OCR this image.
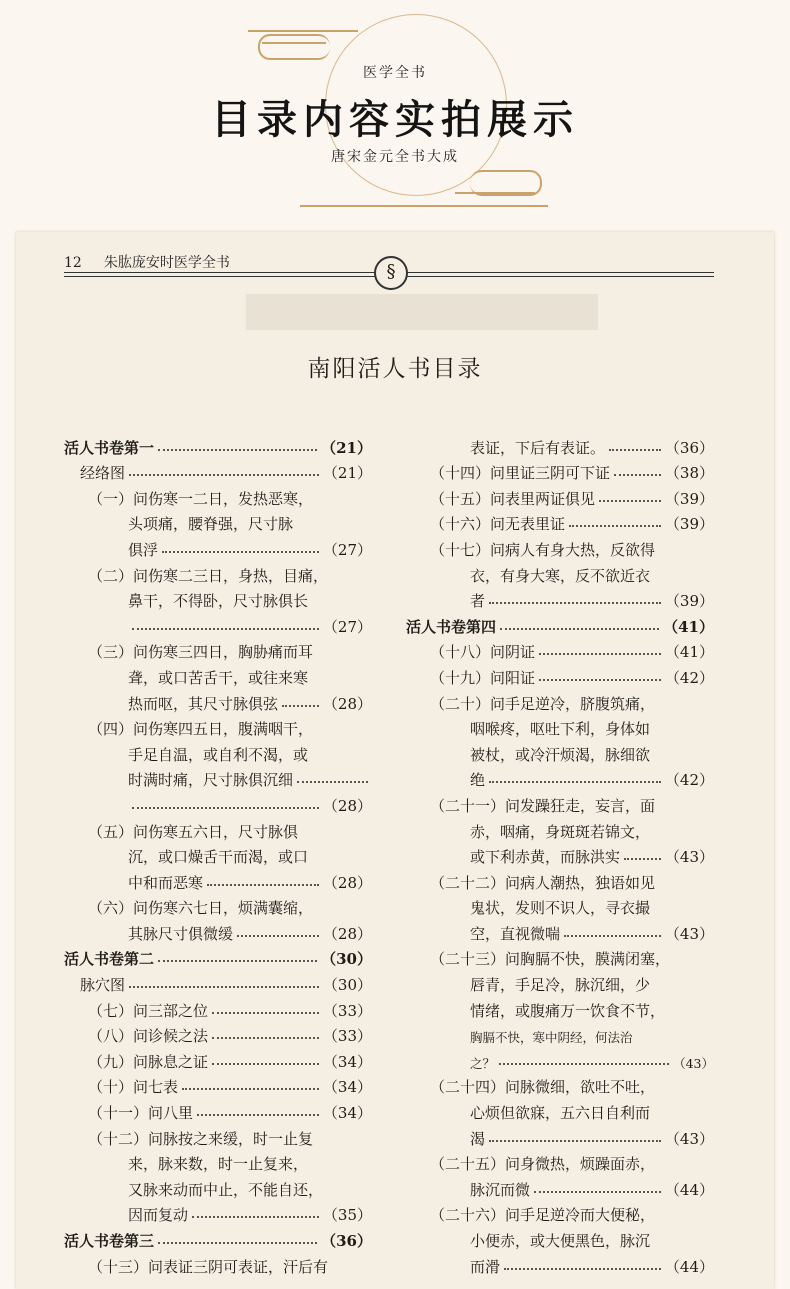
医学全书
目录内容实拍展示
唐宋金元全书大成
12 朱肱庞安时医学全书	§
南阳活人书目录
活人书卷第一	（21）
经络图	（21）
（一）问伤寒一二日，发热恶寒，
头项痛，腰脊强，尺寸脉
俱浮	（27）
（二）问伤寒二三日，身热，目痛，
鼻干，不得卧，尺寸脉俱长
（27）
（三）问伤寒三四日，胸胁痛而耳
聋，或口苦舌干，或往来寒
热而呕，其尺寸脉俱弦	（28）
（四）问伤寒四五日，腹满咽干，
手足自温，或自利不渴，或
时满时痛，尺寸脉俱沉细
（28）
（五）问伤寒五六日，尺寸脉俱
沉，或口燥舌干而渴，或口
中和而恶寒	（28）
（六）问伤寒六七日，烦满囊缩，
其脉尺寸俱微缓	（28）
活人书卷第二	（30）
脉穴图	（30）
（七）问三部之位	（33）
（八）问诊候之法	（33）
（九）问脉息之证	（34）
（十）问七表	（34）
（十一）问八里	（34）
（十二）问脉按之来缓，时一止复
来，脉来数，时一止复来，
又脉来动而中止，不能自还，
因而复动	（35）
活人书卷第三	（36）
（十三）问表证三阴可表证，汗后有
表证，下后有表证。	（36）
（十四）问里证三阴可下证	（38）
（十五）问表里两证俱见	（39）
（十六）问无表里证	（39）
（十七）问病人有身大热，反欲得
衣，有身大寒，反不欲近衣
者	（39）
活人书卷第四	（41）
（十八）问阴证	（41）
（十九）问阳证	（42）
（二十）问手足逆冷，脐腹筑痛，
咽喉疼，呕吐下利，身体如
被杖，或冷汗烦渴，脉细欲
绝	（42）
（二十一）问发躁狂走，妄言，面
赤，咽痛，身斑斑若锦文，
或下利赤黄，而脉洪实	（43）
（二十二）问病人潮热，独语如见
鬼状，发则不识人，寻衣撮
空，直视微喘	（43）
（二十三）问胸膈不快，膜满闭塞，
唇青，手足冷，脉沉细，少
情绪，或腹痛万一饮食不节，
胸膈不快，寒中阴经，何法治
之？	（43）
（二十四）问脉微细，欲吐不吐，
心烦但欲寐，五六日自利而
渴	（43）
（二十五）问身微热，烦躁面赤，
脉沉而微	（44）
（二十六）问手足逆冷而大便秘，
小便赤，或大便黑色，脉沉
而滑	（44）
